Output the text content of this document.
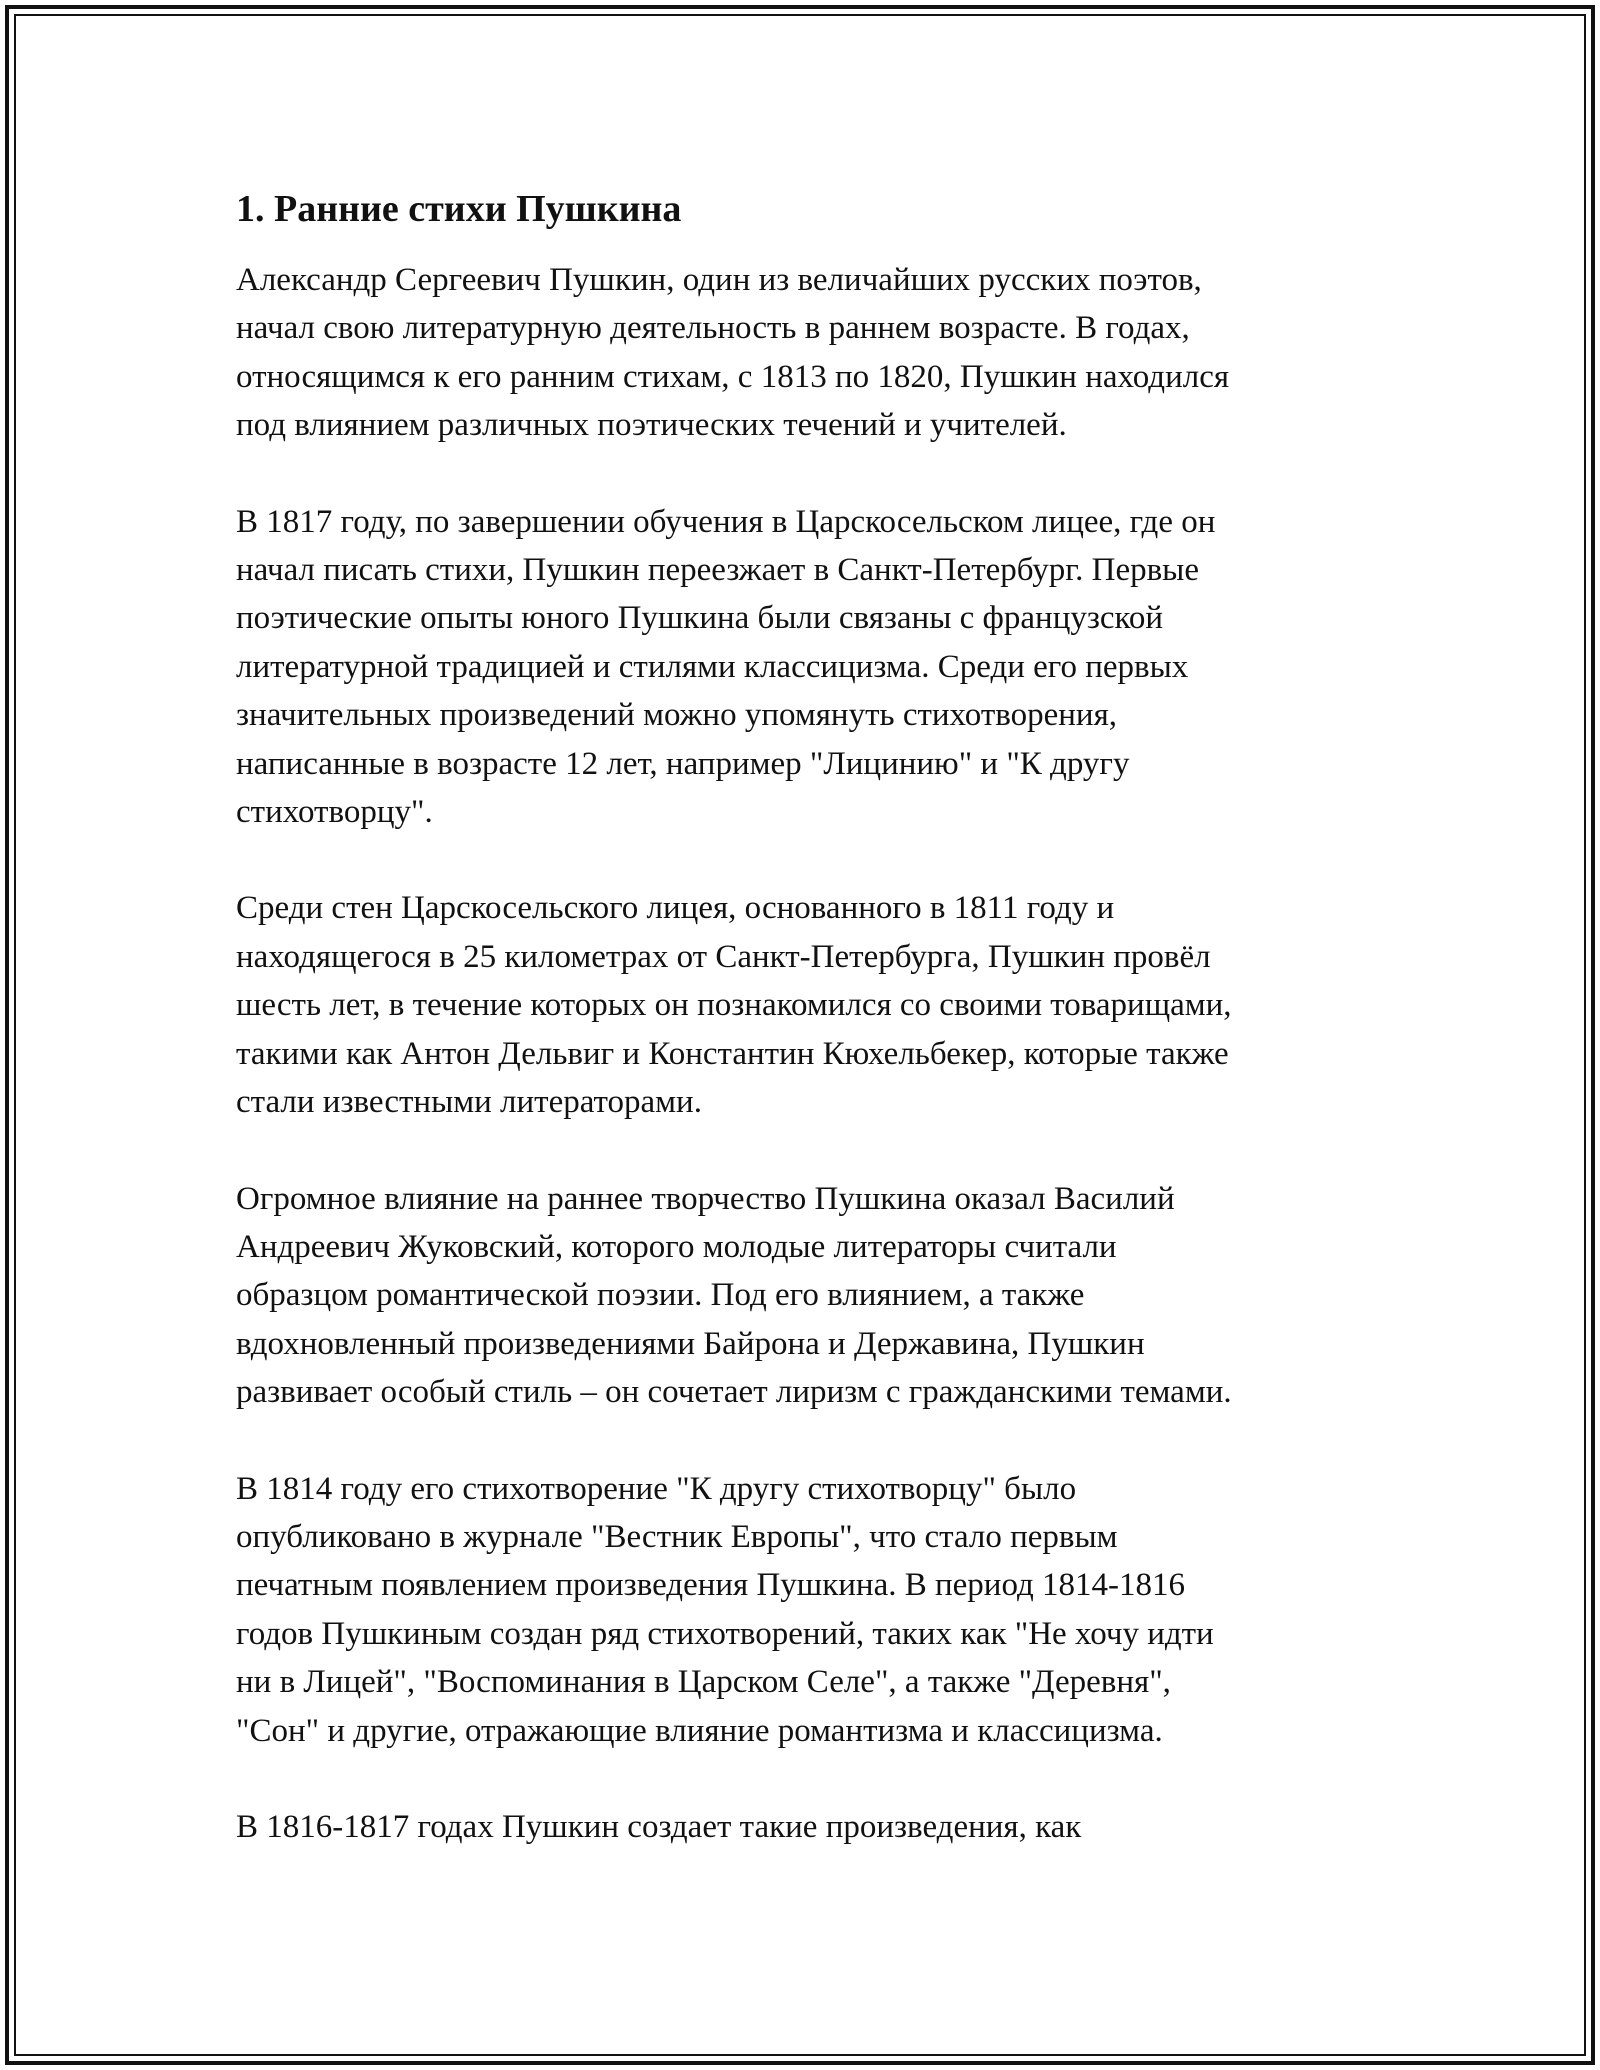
1. Ранние стихи Пушкина

Александр Сергеевич Пушкин, один из величайших русских поэтов,
начал свою литературную деятельность в раннем возрасте. В годах,
относящимся к его ранним стихам, с 1813 по 1820, Пушкин находился
под влиянием различных поэтических течений и учителей.

В 1817 году, по завершении обучения в Царскосельском лицее, где он
начал писать стихи, Пушкин переезжает в Санкт-Петербург. Первые
поэтические опыты юного Пушкина были связаны с французской
литературной традицией и стилями классицизма. Среди его первых
значительных произведений можно упомянуть стихотворения,
написанные в возрасте 12 лет, например "Лицинию" и "К другу
стихотворцу".

Среди стен Царскосельского лицея, основанного в 1811 году и
находящегося в 25 километрах от Санкт-Петербурга, Пушкин провёл
шесть лет, в течение которых он познакомился со своими товарищами,
такими как Антон Дельвиг и Константин Кюхельбекер, которые также
стали известными литераторами.

Огромное влияние на раннее творчество Пушкина оказал Василий
Андреевич Жуковский, которого молодые литераторы считали
образцом романтической поэзии. Под его влиянием, а также
вдохновленный произведениями Байрона и Державина, Пушкин
развивает особый стиль – он сочетает лиризм с гражданскими темами.

В 1814 году его стихотворение "К другу стихотворцу" было
опубликовано в журнале "Вестник Европы", что стало первым
печатным появлением произведения Пушкина. В период 1814-1816
годов Пушкиным создан ряд стихотворений, таких как "Не хочу идти
ни в Лицей", "Воспоминания в Царском Селе", а также "Деревня",
"Сон" и другие, отражающие влияние романтизма и классицизма.

В 1816-1817 годах Пушкин создает такие произведения, как
